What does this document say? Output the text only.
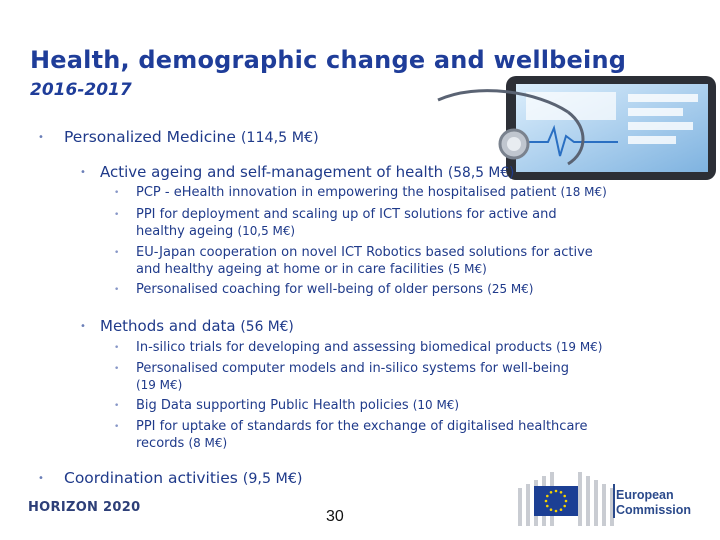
Health, demographic change and wellbeing
2016-2017
•	Personalized Medicine (114,5 M€)
• Active ageing and self-management of health (58,5 M€)
•	PCP - eHealth innovation in empowering the hospitalised patient (18 M€)
•	PPI for deployment and scaling up of ICT solutions for active and
healthy ageing (10,5 M€)
•	EU-Japan cooperation on novel ICT Robotics based solutions for active
and healthy ageing at home or in care facilities (5 M€)
•	Personalised coaching for well-being of older persons (25 M€)
• Methods and data (56 M€)
•	In-silico trials for developing and assessing biomedical products (19 M€)
•	Personalised computer models and in-silico systems for well-being
(19 M€)
•	Big Data supporting Public Health policies (10 M€)
•	PPI for uptake of standards for the exchange of digitalised healthcare
records (8 M€)
•	Coordination activities (9,5 M€)
HORIZON 2020
30
European
Commission
